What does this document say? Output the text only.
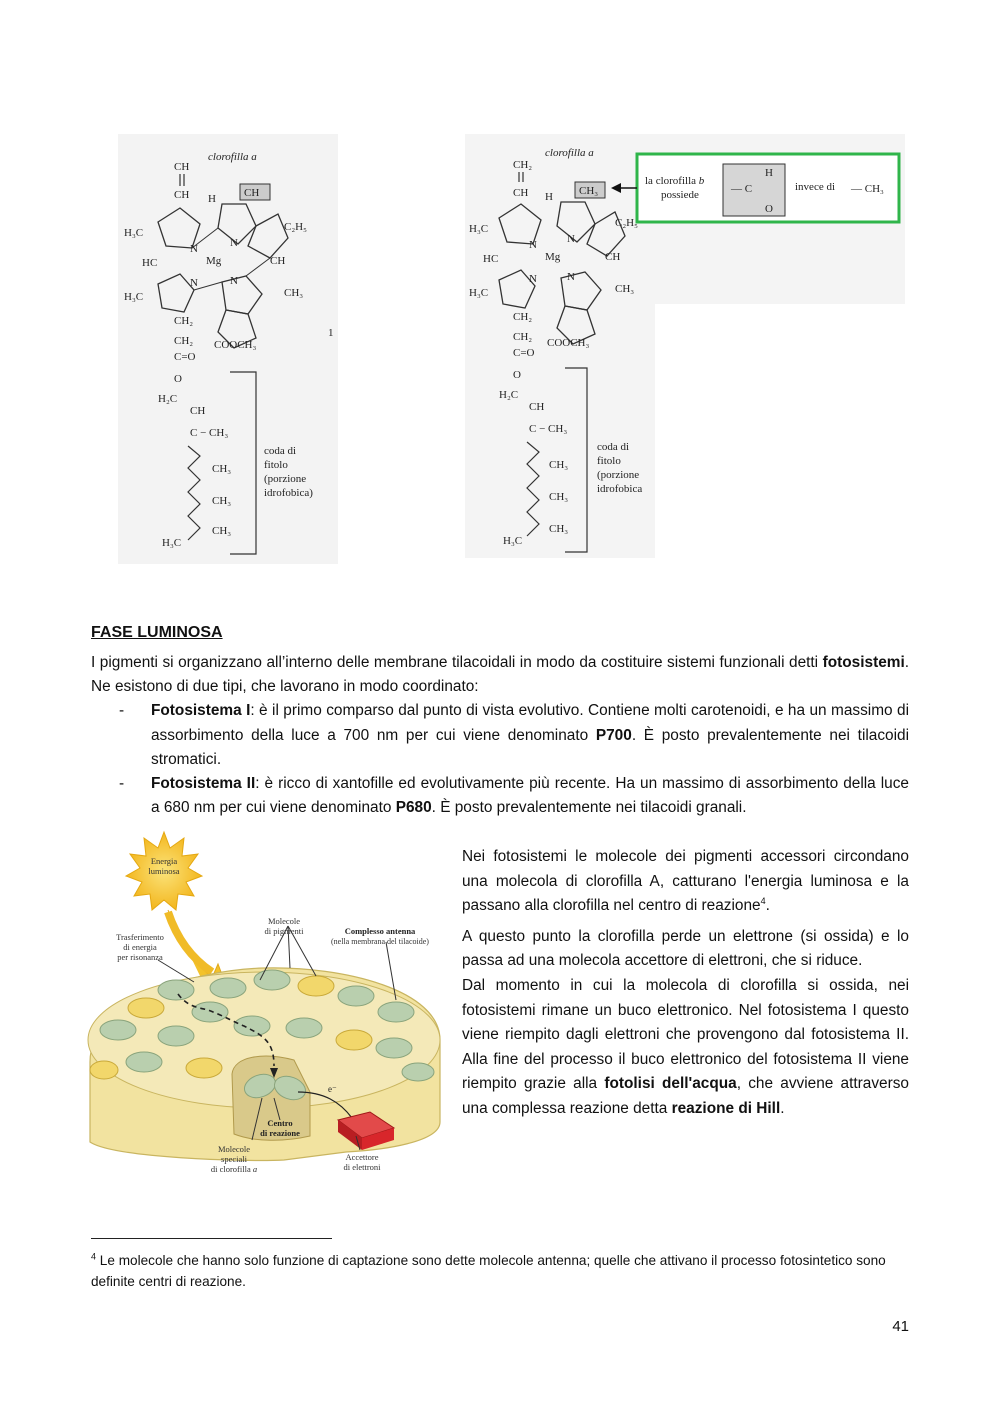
clorofilla a
CH
CH H	CH
C₂H₅
H₃C
N	N
Mg
N	N
HC	CH
H₃C	CH₃
CH₂
CH₂ COOCH₃
C=O
O
H₂C
CH
C − CH₃
CH₃
CH₃
CH₃
H₃C
coda di
fitolo
(porzione
idrofobica)
1
clorofilla a
la clorofilla b
possiede
H
— C
O
invece di — CH₃
CH₂
CH H CH₃
C₂H₅
H₃C
N	N
Mg
N	N
HC	CH
H₃C	CH₃
CH₂
CH₂ COOCH₃
C=O
O
H₂C
CH
C − CH₃
CH₃
CH₃
CH₃
H₃C
coda di
fitolo
(porzione
idrofobica
FASE LUMINOSA

I pigmenti si organizzano all’interno delle membrane tilacoidali in modo da costituire sistemi funzionali detti fotosistemi. Ne esistono di due tipi, che lavorano in modo coordinato:

- Fotosistema I: è il primo comparso dal punto di vista evolutivo. Contiene molti carotenoidi, e ha un massimo di assorbimento della luce a 700 nm per cui viene denominato P700. È posto prevalentemente nei tilacoidi stromatici.
- Fotosistema II: è ricco di xantofille ed evolutivamente più recente. Ha un massimo di assorbimento della luce a 680 nm per cui viene denominato P680. È posto prevalentemente nei tilacoidi granali.
Energia
luminosa
e⁻
Molecole
di pigmenti
Trasferimento
di energia
per risonanza
Complesso antenna
(nella membrana del tilacoide)
Centro
di reazione
Accettore
di elettroni
Molecole
speciali
di clorofilla a

Nei fotosistemi le molecole dei pigmenti accessori circondano una molecola di clorofilla A, catturano l'energia luminosa e la passano alla clorofilla nel centro di reazione$^4$.

A questo punto la clorofilla perde un elettrone (si ossida) e lo passa ad una molecola accettore di elettroni, che si riduce.

Dal momento in cui la molecola di clorofilla si ossida, nei fotosistemi rimane un buco elettronico. Nel fotosistema I questo viene riempito dagli elettroni che provengono dal fotosistema II. Alla fine del processo il buco elettronico del fotosistema II viene riempito grazie alla fotolisi dell'acqua, che avviene attraverso una complessa reazione detta reazione di Hill.

$^4$ Le molecole che hanno solo funzione di captazione sono dette molecole antenna; quelle che attivano il processo fotosintetico sono definite centri di reazione.
41
